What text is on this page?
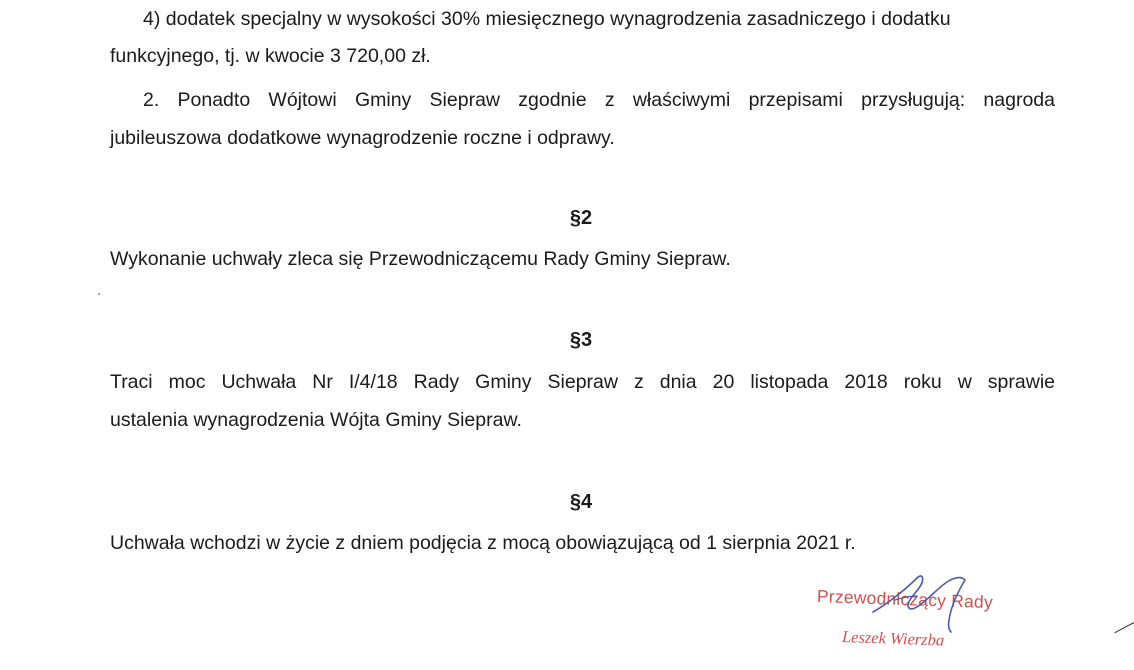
4) dodatek specjalny w wysokości 30% miesięcznego wynagrodzenia zasadniczego i dodatku
funkcyjnego, tj. w kwocie 3 720,00 zł.
2. Ponadto Wójtowi Gminy Siepraw zgodnie z właściwymi przepisami przysługują: nagroda
jubileuszowa dodatkowe wynagrodzenie roczne i odprawy.
§2
Wykonanie uchwały zleca się Przewodniczącemu Rady Gminy Siepraw.
§3
Traci moc Uchwała Nr I/4/18 Rady Gminy Siepraw z dnia 20 listopada 2018 roku w sprawie
ustalenia wynagrodzenia Wójta Gminy Siepraw.
§4
Uchwała wchodzi w życie z dniem podjęcia z mocą obowiązującą od 1 sierpnia 2021 r.
Przewodniczący Rady
Leszek Wierzba
